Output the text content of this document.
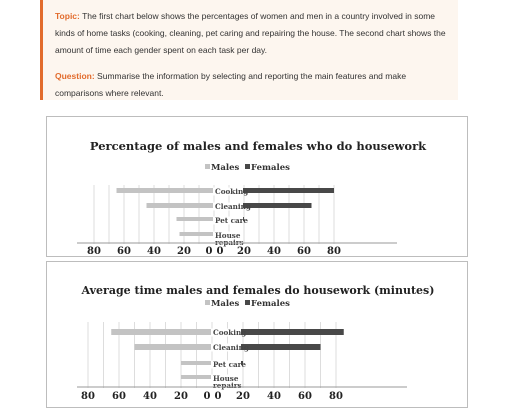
Topic: The first chart below shows the percentages of women and men in a country involved in some kinds of home tasks (cooking, cleaning, pet caring and repairing the house. The second chart shows the amount of time each gender spent on each task per day.

Question: Summarise the information by selecting and reporting the main features and make comparisons where relevant.

Percentage of males and females who do housework
Males Females
Cooking
Cleaning
Pet care
House
repairs
80 60 40 20 0 0 20 40 60 80
Average time males and females do housework (minutes)
Males Females
Cooking
Cleaning
Pet care
House
repairs
80 60 40 20 0 0 20 40 60 80
